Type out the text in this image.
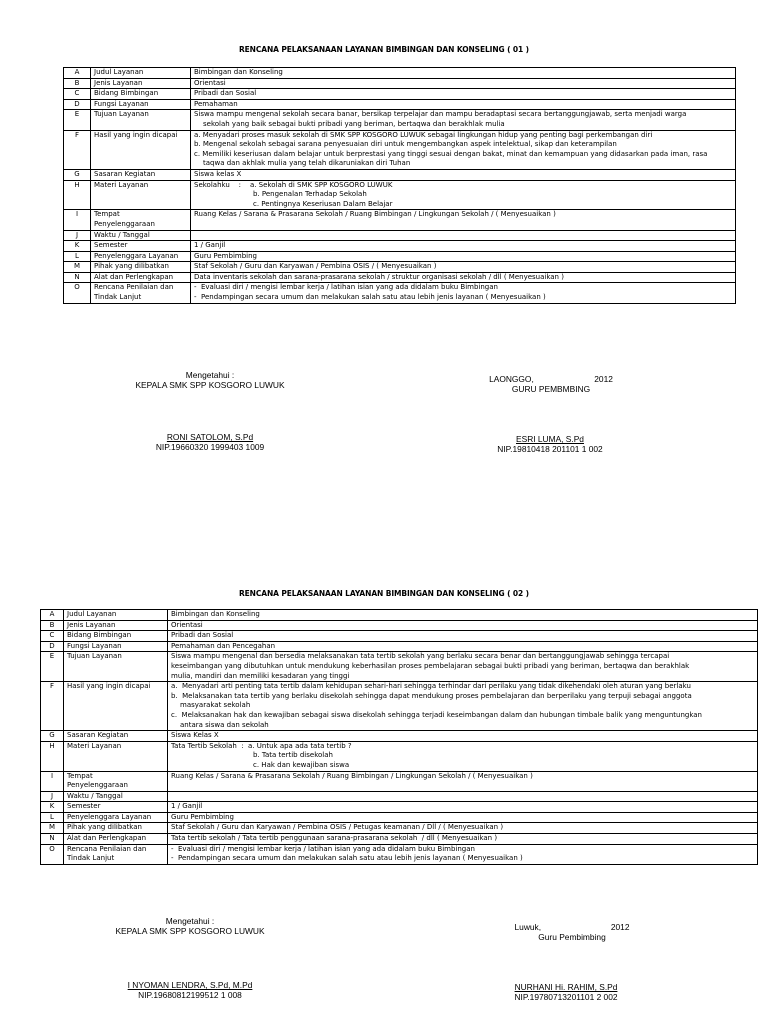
RENCANA PELAKSANAAN LAYANAN BIMBINGAN DAN KONSELING ( 01 )
A	Judul Layanan	Bimbingan dan Konseling

B	Jenis Layanan	Orientasi

C	Bidang Bimbingan	Pribadi dan Sosial

D	Fungsi Layanan	Pemahaman

E	Tujuan Layanan	Siswa mampu mengenal sekolah secara banar, bersikap terpelajar dan mampu beradaptasi secara bertanggungjawab, serta menjadi warga
sekolah yang baik sebagai bukti pribadi yang beriman, bertaqwa dan berakhlak mulia

F	Hasil yang ingin dicapai	a. Menyadari proses masuk sekolah di SMK SPP KOSGORO LUWUK sebagai lingkungan hidup yang penting bagi perkembangan diri
b. Mengenal sekolah sebagai sarana penyesuaian diri untuk mengembangkan aspek intelektual, sikap dan keterampilan
c. Memiliki keseriusan dalam belajar untuk berprestasi yang tinggi sesuai dengan bakat, minat dan kemampuan yang didasarkan pada iman, rasa
taqwa dan akhlak mulia yang telah dikaruniakan diri Tuhan

G	Sasaran Kegiatan	Siswa kelas X

H	Materi Layanan	Sekolahku    :    a. Sekolah di SMK SPP KOSGORO LUWUK
b. Pengenalan Terhadap Sekolah
c. Pentingnya Keseriusan Dalam Belajar

I	Tempat
Penyelenggaraan	Ruang Kelas / Sarana & Prasarana Sekolah / Ruang Bimbingan / Lingkungan Sekolah / ( Menyesuaikan )

J	Waktu / Tanggal	

K	Semester	1 / Ganjil

L	Penyelenggara Layanan	Guru Pembimbing

M	Pihak yang dilibatkan	Staf Sekolah / Guru dan Karyawan / Pembina OSIS / ( Menyesuaikan )

N	Alat dan Perlengkapan	Data inventaris sekolah dan sarana-prasarana sekolah / struktur organisasi sekolah / dll ( Menyesuaikan )

O	Rencana Penilaian dan
Tindak Lanjut	-  Evaluasi diri / mengisi lembar kerja / latihan isian yang ada didalam buku Bimbingan
-  Pendampingan secara umum dan melakukan salah satu atau lebih jenis layanan ( Menyesuaikan )
Mengetahui :
KEPALA SMK SPP KOSGORO LUWUK
RONI SATOLOM, S.Pd
NIP.19660320 1999403 1009
LAONGGO,                          2012
GURU PEMBMBING
ESRI LUMA, S.Pd
NIP.19810418 201101 1 002
RENCANA PELAKSANAAN LAYANAN BIMBINGAN DAN KONSELING ( 02 )
A	Judul Layanan	Bimbingan dan Konseling

B	Jenis Layanan	Orientasi

C	Bidang Bimbingan	Pribadi dan Sosial

D	Fungsi Layanan	Pemahaman dan Pencegahan

E	Tujuan Layanan	Siswa mampu mengenal dan bersedia melaksanakan tata tertib sekolah yang berlaku secara benar dan bertanggungjawab sehingga tercapai
keseimbangan yang dibutuhkan untuk mendukung keberhasilan proses pembelajaran sebagai bukti pribadi yang beriman, bertaqwa dan berakhlak
mulia, mandiri dan memiliki kesadaran yang tinggi

F	Hasil yang ingin dicapai	a.  Menyadari arti penting tata tertib dalam kehidupan sehari-hari sehingga terhindar dari perilaku yang tidak dikehendaki oleh aturan yang berlaku
b.  Melaksanakan tata tertib yang berlaku disekolah sehingga dapat mendukung proses pembelajaran dan berperilaku yang terpuji sebagai anggota
masyarakat sekolah
c.  Melaksanakan hak dan kewajiban sebagai siswa disekolah sehingga terjadi keseimbangan dalam dan hubungan timbale balik yang menguntungkan
antara siswa dan sekolah

G	Sasaran Kegiatan	Siswa Kelas X

H	Materi Layanan	Tata Tertib Sekolah  :  a. Untuk apa ada tata tertib ?
b. Tata tertib disekolah
c. Hak dan kewajiban siswa

I	Tempat
Penyelenggaraan	Ruang Kelas / Sarana & Prasarana Sekolah / Ruang Bimbingan / Lingkungan Sekolah / ( Menyesuaikan )

J	Waktu / Tanggal	

K	Semester	1 / Ganjil

L	Penyelenggara Layanan	Guru Pembimbing

M	Pihak yang dilibatkan	Staf Sekolah / Guru dan Karyawan / Pembina OSIS / Petugas keamanan / Dll / ( Menyesuaikan )

N	Alat dan Perlengkapan	Tata tertib sekolah / Tata tertib penggunaan sarana-prasarana sekolah  / dll ( Menyesuaikan )

O	Rencana Penilaian dan
Tindak Lanjut	-  Evaluasi diri / mengisi lembar kerja / latihan isian yang ada didalam buku Bimbingan
-  Pendampingan secara umum dan melakukan salah satu atau lebih jenis layanan ( Menyesuaikan )
Mengetahui :
KEPALA SMK SPP KOSGORO LUWUK
I NYOMAN LENDRA, S.Pd, M.Pd
NIP.19680812199512 1 008
Luwuk,                              2012
Guru Pembimbing
NURHANI Hi. RAHIM, S.Pd
NIP.19780713201101 2 002
